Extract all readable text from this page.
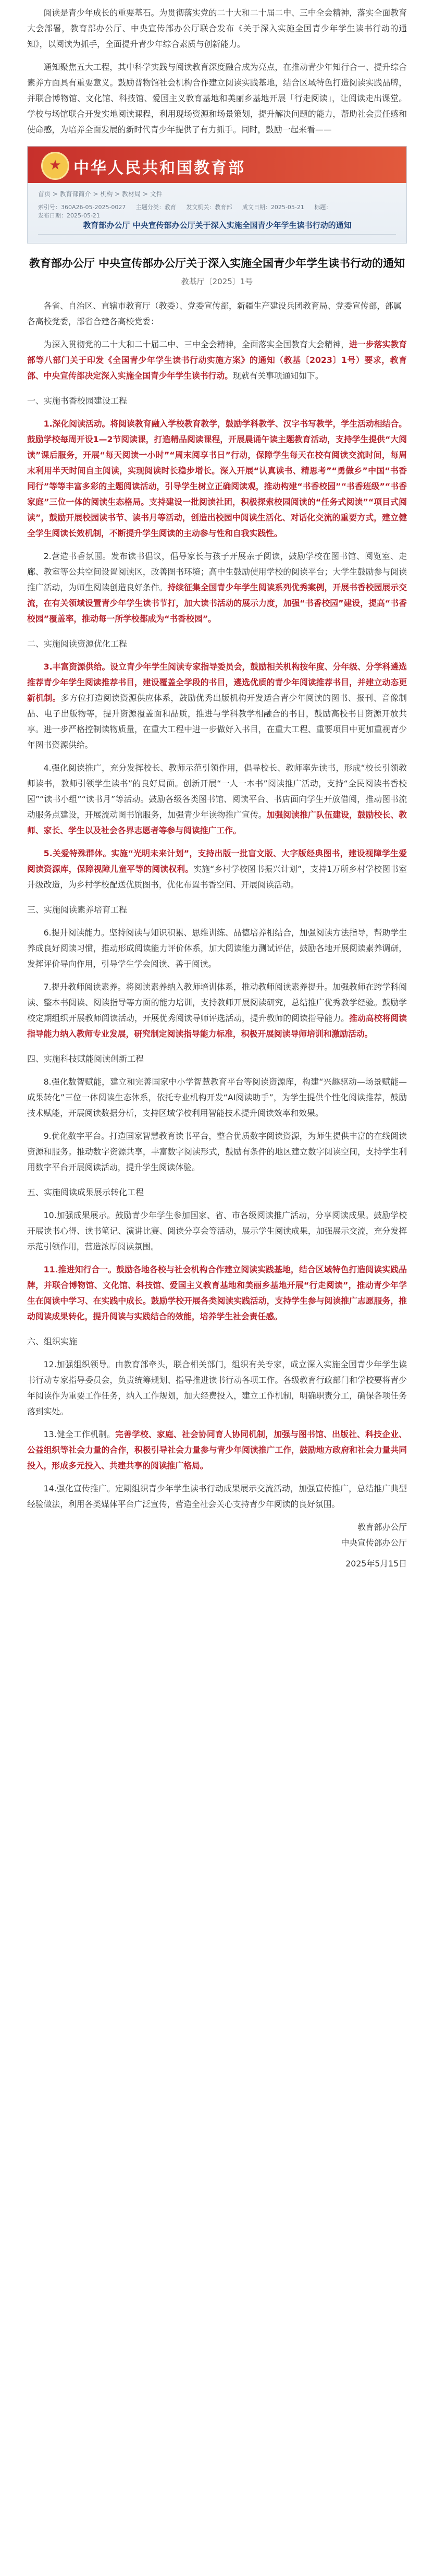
阅读是青少年成长的重要基石。为贯彻落实党的二十大和二十届二中、三中全会精神，落实全面教育大会部署，教育部办公厅、中央宣传部办公厅联合发布《关于深入实施全国青少年学生读书行动的通知》，以阅读为抓手，全面提升青少年综合素质与创新能力。

通知聚焦五大工程，其中科学实践与阅读教育深度融合成为亮点，在推动青少年知行合一、提升综合素养方面具有重要意义。鼓励普物馆社会机构合作建立阅读实践基地，结合区域特色打造阅读实践品牌，并联合博物馆、文化馆、科技馆、爱国主义教育基地和美丽乡基地开展「行走阅读」，让阅读走出课堂。学校与场馆联合开发实地阅读课程，利用现场资源和场景策划，提升解决问题的能力，帮助社会责任感和使命感，为培养全面发展的新时代青少年提供了有力抓手。同时，鼓励一起来看——

★ 中华人民共和国教育部
首页 > 教育部简介 > 机构 > 教材局 > 文件
索引号：360A26-05-2025-0027 主题分类：教育 发文机关：教育部 成文日期：2025-05-21 标题： 发布日期：2025-05-21
教育部办公厅 中央宣传部办公厅关于深入实施全国青少年学生读书行动的通知
教育部办公厅 中央宣传部办公厅关于深入实施全国青少年学生读书行动的通知
教基厅〔2025〕1号

各省、自治区、直辖市教育厅（教委）、党委宣传部，新疆生产建设兵团教育局、党委宣传部，部属各高校党委，部省合建各高校党委：

为深入贯彻党的二十大和二十届二中、三中全会精神，全面落实全国教育大会精神，进一步落实教育部等八部门关于印发《全国青少年学生读书行动实施方案》的通知（教基〔2023〕1号）要求，教育部、中央宣传部决定深入实施全国青少年学生读书行动。现就有关事项通知如下。

一、实施书香校园建设工程

1.深化阅读活动。将阅读教育融入学校教育教学，鼓励学科教学、汉字书写教学，学生活动相结合。鼓励学校每周开设1—2节阅读课，打造精品阅读课程，开展晨诵午读主题教育活动，支持学生提供“大阅读”课后服务，开展“每天阅读一小时”“周末阅享书日”行动，保障学生每天在校有阅读交流时间，每周末利用半天时间自主阅读，实现阅读时长稳步增长。深入开展“认真读书、精思考”“勇做乡”中国“书香同行”等等丰富多彩的主题阅读活动，引导学生树立正确阅读观，推动构建“书香校园”“书香班级”“书香家庭”三位一体的阅读生态格局。支持建设一批阅读社团，积极探索校园阅读的“任务式阅读”“项目式阅读”，鼓励开展校园读书节、读书月等活动，创造出校园中阅读生活化、对话化交流的重要方式，建立健全学生阅读长效机制，不断提升学生阅读的主动参与性和自我实践性。

2.营造书香氛围。发布读书倡议，倡导家长与孩子开展亲子阅读，鼓励学校在图书馆、阅览室、走廊、教室等公共空间设置阅读区，改善图书环境；高中生鼓励使用学校的阅读平台；大学生鼓励参与阅读推广活动，为师生阅读创造良好条件。持续征集全国青少年学生阅读系列优秀案例，开展书香校园展示交流，在有关领域设置青少年学生读书节打，加大读书活动的展示力度，加强“书香校园”建设，提高“书香校园”覆盖率，推动每一所学校都成为“书香校园”。

二、实施阅读资源优化工程

3.丰富资源供给。设立青少年学生阅读专家指导委员会，鼓励相关机构按年度、分年级、分学科遴选推荐青少年学生阅读推荐书目，建设覆盖全学段的书目，遴选优质的青少年阅读推荐书目，并建立动态更新机制。多方位打造阅读资源供应体系，鼓励优秀出版机构开发适合青少年阅读的图书、报刊、音像制品、电子出版物等，提升资源覆盖面和品质，推进与学科教学相融合的书目，鼓励高校书目资源开放共享。进一步严格控制读物质量，在重大工程中进一步做好入书目，在重大工程、重要项目中更加重视青少年图书资源供给。

4.强化阅读推广，充分发挥校长、教师示范引领作用，倡导校长、教师率先读书，形成“校长引领教师读书，教师引领学生读书”的良好局面。创新开展“一人一本书”阅读推广活动，支持“全民阅读书香校园”“读书小组”“读书月”等活动。鼓励各级各类图书馆、阅读平台、书店面向学生开放借阅，推动图书流动服务点建设，开展流动图书馆服务，加强青少年读物推广宣传。加强阅读推广队伍建设，鼓励校长、教师、家长、学生以及社会各界志愿者等参与阅读推广工作。

5.关爱特殊群体。实施“光明未来计划”，支持出版一批盲文版、大字版经典图书，建设视障学生爱阅读资源库，保障视障儿童平等的阅读权利。实施“乡村学校图书振兴计划”，支持1万所乡村学校图书室升级改造，为乡村学校配送优质图书，优化布置书香空间、开展阅读活动。

三、实施阅读素养培育工程

6.提升阅读能力。坚持阅读与知识积累、思维训练、品德培养相结合，加强阅读方法指导，帮助学生养成良好阅读习惯，推动形成阅读能力评价体系，加大阅读能力测试评估，鼓励各地开展阅读素养调研，发挥评价导向作用，引导学生学会阅读、善于阅读。

7.提升教师阅读素养。将阅读素养纳入教师培训体系，推动教师阅读素养提升。加强教师在跨学科阅读、整本书阅读、阅读指导等方面的能力培训，支持教师开展阅读研究，总结推广优秀教学经验。鼓励学校定期组织开展教师阅读活动，开展优秀阅读导师评选活动，提升教师的阅读指导能力。推动高校将阅读指导能力纳入教师专业发展，研究制定阅读指导能力标准，积极开展阅读导师培训和激励活动。

四、实施科技赋能阅读创新工程

8.强化数智赋能，建立和完善国家中小学智慧教育平台等阅读资源库，构建“兴趣驱动—场景赋能—成果转化”三位一体阅读生态体系，依托专业机构开发“AI阅读助手”，为学生提供个性化阅读推荐，鼓励技术赋能，开展阅读数据分析，支持区域学校利用智能技术提升阅读效率和效果。

9.优化数字平台。打造国家智慧教育读书平台，整合优质数字阅读资源，为师生提供丰富的在线阅读资源和服务。推动数字资源共享，丰富数字阅读形式，鼓励有条件的地区建立数字阅读空间，支持学生利用数字平台开展阅读活动，提升学生阅读体验。

五、实施阅读成果展示转化工程

10.加强成果展示。鼓励青少年学生参加国家、省、市各级阅读推广活动，分享阅读成果。鼓励学校开展读书心得、读书笔记、演讲比赛、阅读分享会等活动，展示学生阅读成果，加强展示交流，充分发挥示范引领作用，营造浓厚阅读氛围。

11.推进知行合一。鼓励各地各校与社会机构合作建立阅读实践基地，结合区域特色打造阅读实践品牌，并联合博物馆、文化馆、科技馆、爱国主义教育基地和美丽乡基地开展“行走阅读”，推动青少年学生在阅读中学习、在实践中成长。鼓励学校开展各类阅读实践活动，支持学生参与阅读推广志愿服务，推动阅读成果转化，提升阅读与实践结合的效能，培养学生社会责任感。

六、组织实施

12.加强组织领导。由教育部牵头，联合相关部门，组织有关专家，成立深入实施全国青少年学生读书行动专家指导委员会，负责统筹规划、指导推进读书行动各项工作。各级教育行政部门和学校要将青少年阅读作为重要工作任务，纳入工作规划，加大经费投入，建立工作机制，明确职责分工，确保各项任务落到实处。

13.健全工作机制。完善学校、家庭、社会协同育人协同机制，加强与图书馆、出版社、科技企业、公益组织等社会力量的合作，积极引导社会力量参与青少年阅读推广工作，鼓励地方政府和社会力量共同投入，形成多元投入、共建共享的阅读推广格局。

14.强化宣传推广。定期组织青少年学生读书行动成果展示交流活动，加强宣传推广，总结推广典型经验做法，利用各类媒体平台广泛宣传，营造全社会关心支持青少年阅读的良好氛围。

教育部办公厅

中央宣传部办公厅

2025年5月15日
